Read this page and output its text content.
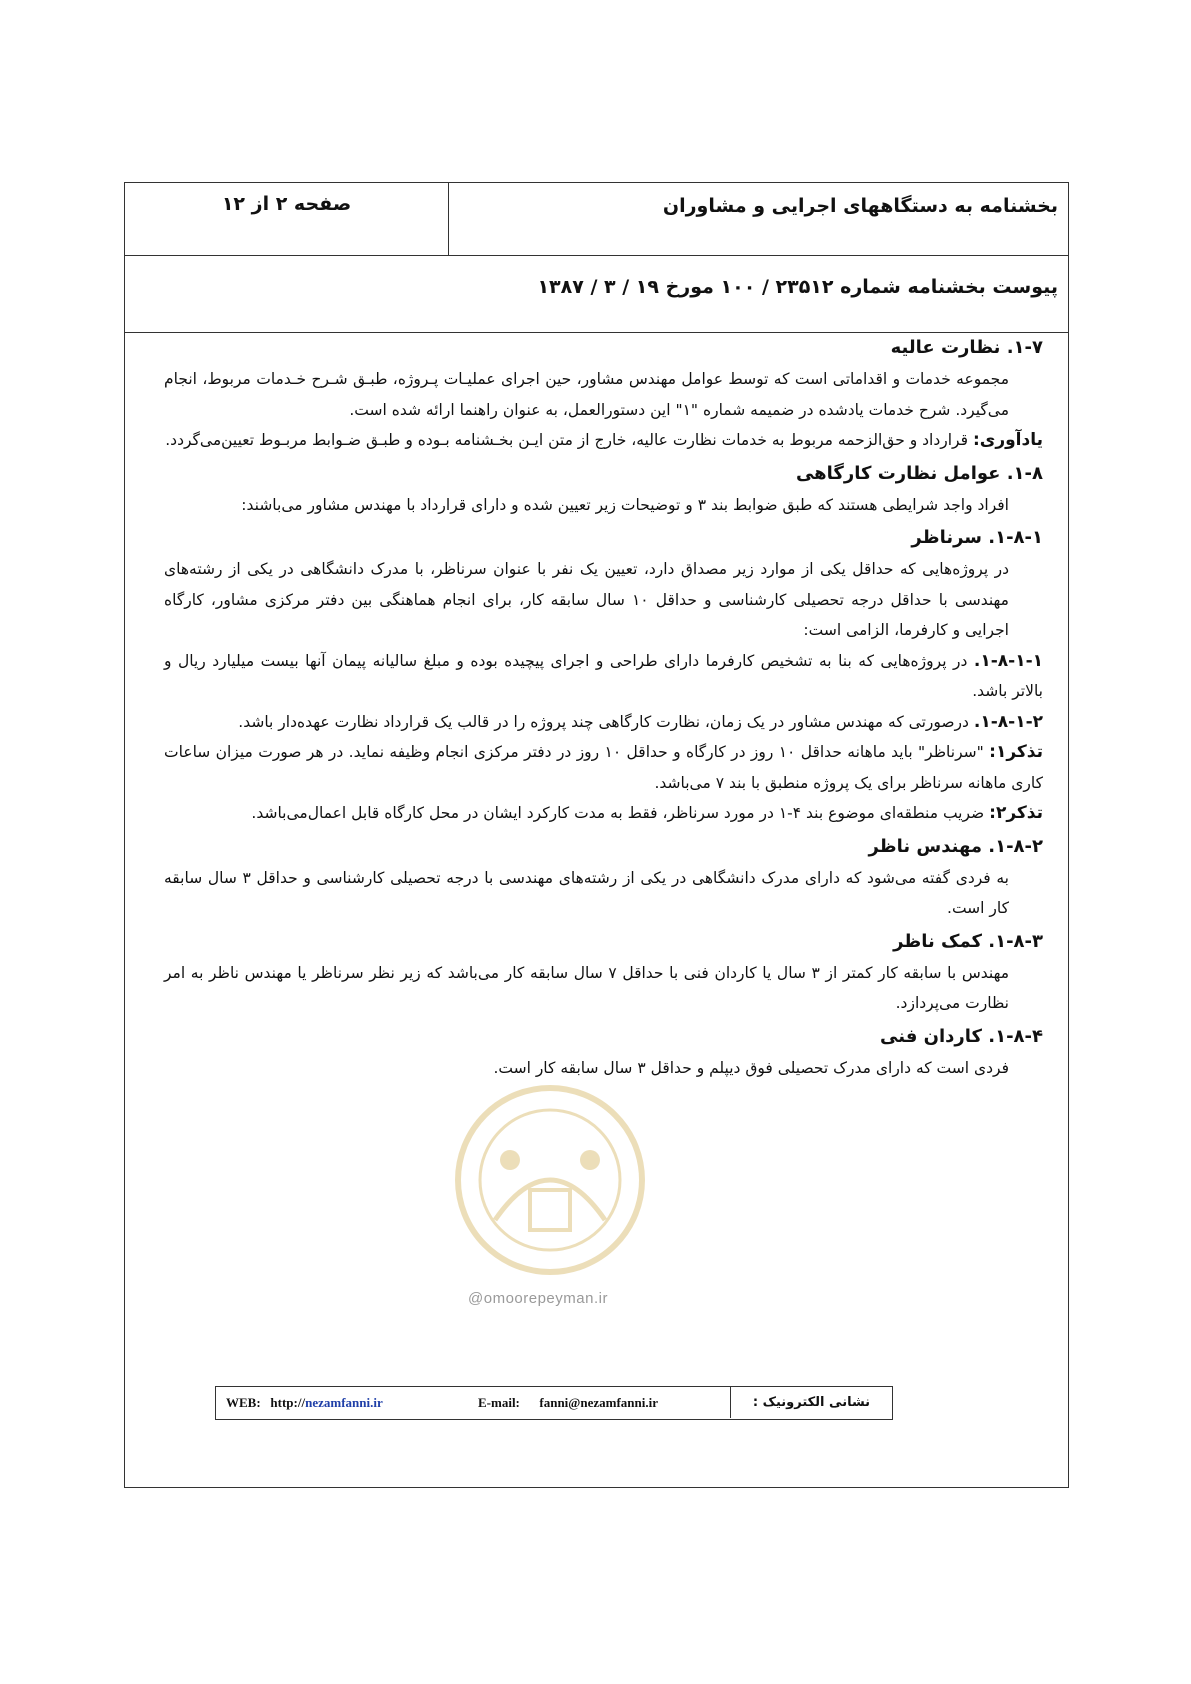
بخشنامه به دستگاههای اجرایی و مشاوران
صفحه ۲ از ۱۲
پیوست بخشنامه شماره ۲۳۵۱۲ / ۱۰۰ مورخ ۱۹ / ۳ / ۱۳۸۷
۱-۷. نظارت عالیه

مجموعه خدمات و اقداماتی است که توسط عوامل مهندس مشاور، حین اجرای عملیـات پـروژه، طبـق شـرح خـدمات مربوط، انجام می‌گیرد. شرح خدمات یادشده در ضمیمه شماره "۱" این دستورالعمل، به عنوان راهنما ارائه شده است.

یادآوری: قرارداد و حق‌الزحمه مربوط به خدمات نظارت عالیه، خارج از متن ایـن بخـشنامه بـوده و طبـق ضـوابط مربـوط تعیین‌می‌گردد.

۱-۸. عوامل نظارت کارگاهی

افراد واجد شرایطی هستند که طبق ضوابط بند ۳ و توضیحات زیر تعیین شده و دارای قرارداد با مهندس مشاور می‌باشند:

۱-۸-۱. سرناظر

در پروژه‌هایی که حداقل یکی از موارد زیر مصداق دارد، تعیین یک نفر با عنوان سرناظر، با مدرک دانشگاهی در یکی از رشته‌های مهندسی با حداقل درجه تحصیلی کارشناسی و حداقل ۱۰ سال سابقه کار، برای انجام هماهنگی بین دفتر مرکزی مشاور، کارگاه اجرایی و کارفرما، الزامی است:

۱-۸-۱-۱. در پروژه‌هایی که بنا به تشخیص کارفرما دارای طراحی و اجرای پیچیده بوده و مبلغ سالیانه پیمان آنها بیست میلیارد ریال و بالاتر باشد.

۱-۸-۱-۲. درصورتی که مهندس مشاور در یک زمان، نظارت کارگاهی چند پروژه را در قالب یک قرارداد نظارت عهده‌دار باشد.

تذکر۱: "سرناظر" باید ماهانه حداقل ۱۰ روز در کارگاه و حداقل ۱۰ روز در دفتر مرکزی انجام وظیفه نماید. در هر صورت میزان ساعات کاری ماهانه سرناظر برای یک پروژه منطبق با بند ۷ می‌باشد.

تذکر۲: ضریب منطقه‌ای موضوع بند ۴-۱ در مورد سرناظر، فقط به مدت کارکرد ایشان در محل کارگاه قابل اعمال‌می‌باشد.

۱-۸-۲. مهندس ناظر

به فردی گفته می‌شود که دارای مدرک دانشگاهی در یکی از رشته‌های مهندسی با درجه تحصیلی کارشناسی و حداقل ۳ سال سابقه کار است.

۱-۸-۳. کمک ناظر

مهندس با سابقه کار کمتر از ۳ سال یا کاردان فنی با حداقل ۷ سال سابقه کار می‌باشد که زیر نظر سرناظر یا مهندس ناظر به امر نظارت می‌پردازد.

۱-۸-۴. کاردان فنی

فردی است که دارای مدرک تحصیلی فوق دیپلم و حداقل ۳ سال سابقه کار است.

@omoorepeyman.ir
نشانی الکترونیک :
WEB: http://nezamfanni.ir	E-mail: fanni@nezamfanni.ir
